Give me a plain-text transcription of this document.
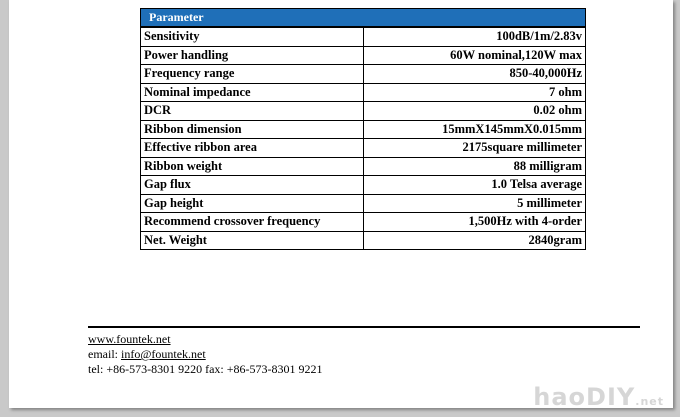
Parameter	
Sensitivity	100dB/1m/2.83v
Power handling	60W nominal,120W max
Frequency range	850-40,000Hz
Nominal impedance	7 ohm
DCR	0.02 ohm
Ribbon dimension	15mmX145mmX0.015mm
Effective ribbon area	2175square millimeter
Ribbon weight	88 milligram
Gap flux	1.0 Telsa average
Gap height	5 millimeter
Recommend crossover frequency	1,500Hz with 4-order
Net. Weight	2840gram
www.fountek.net
email: info@fountek.net
tel: +86-573-8301 9220 fax: +86-573-8301 9221
haoDIY.net
